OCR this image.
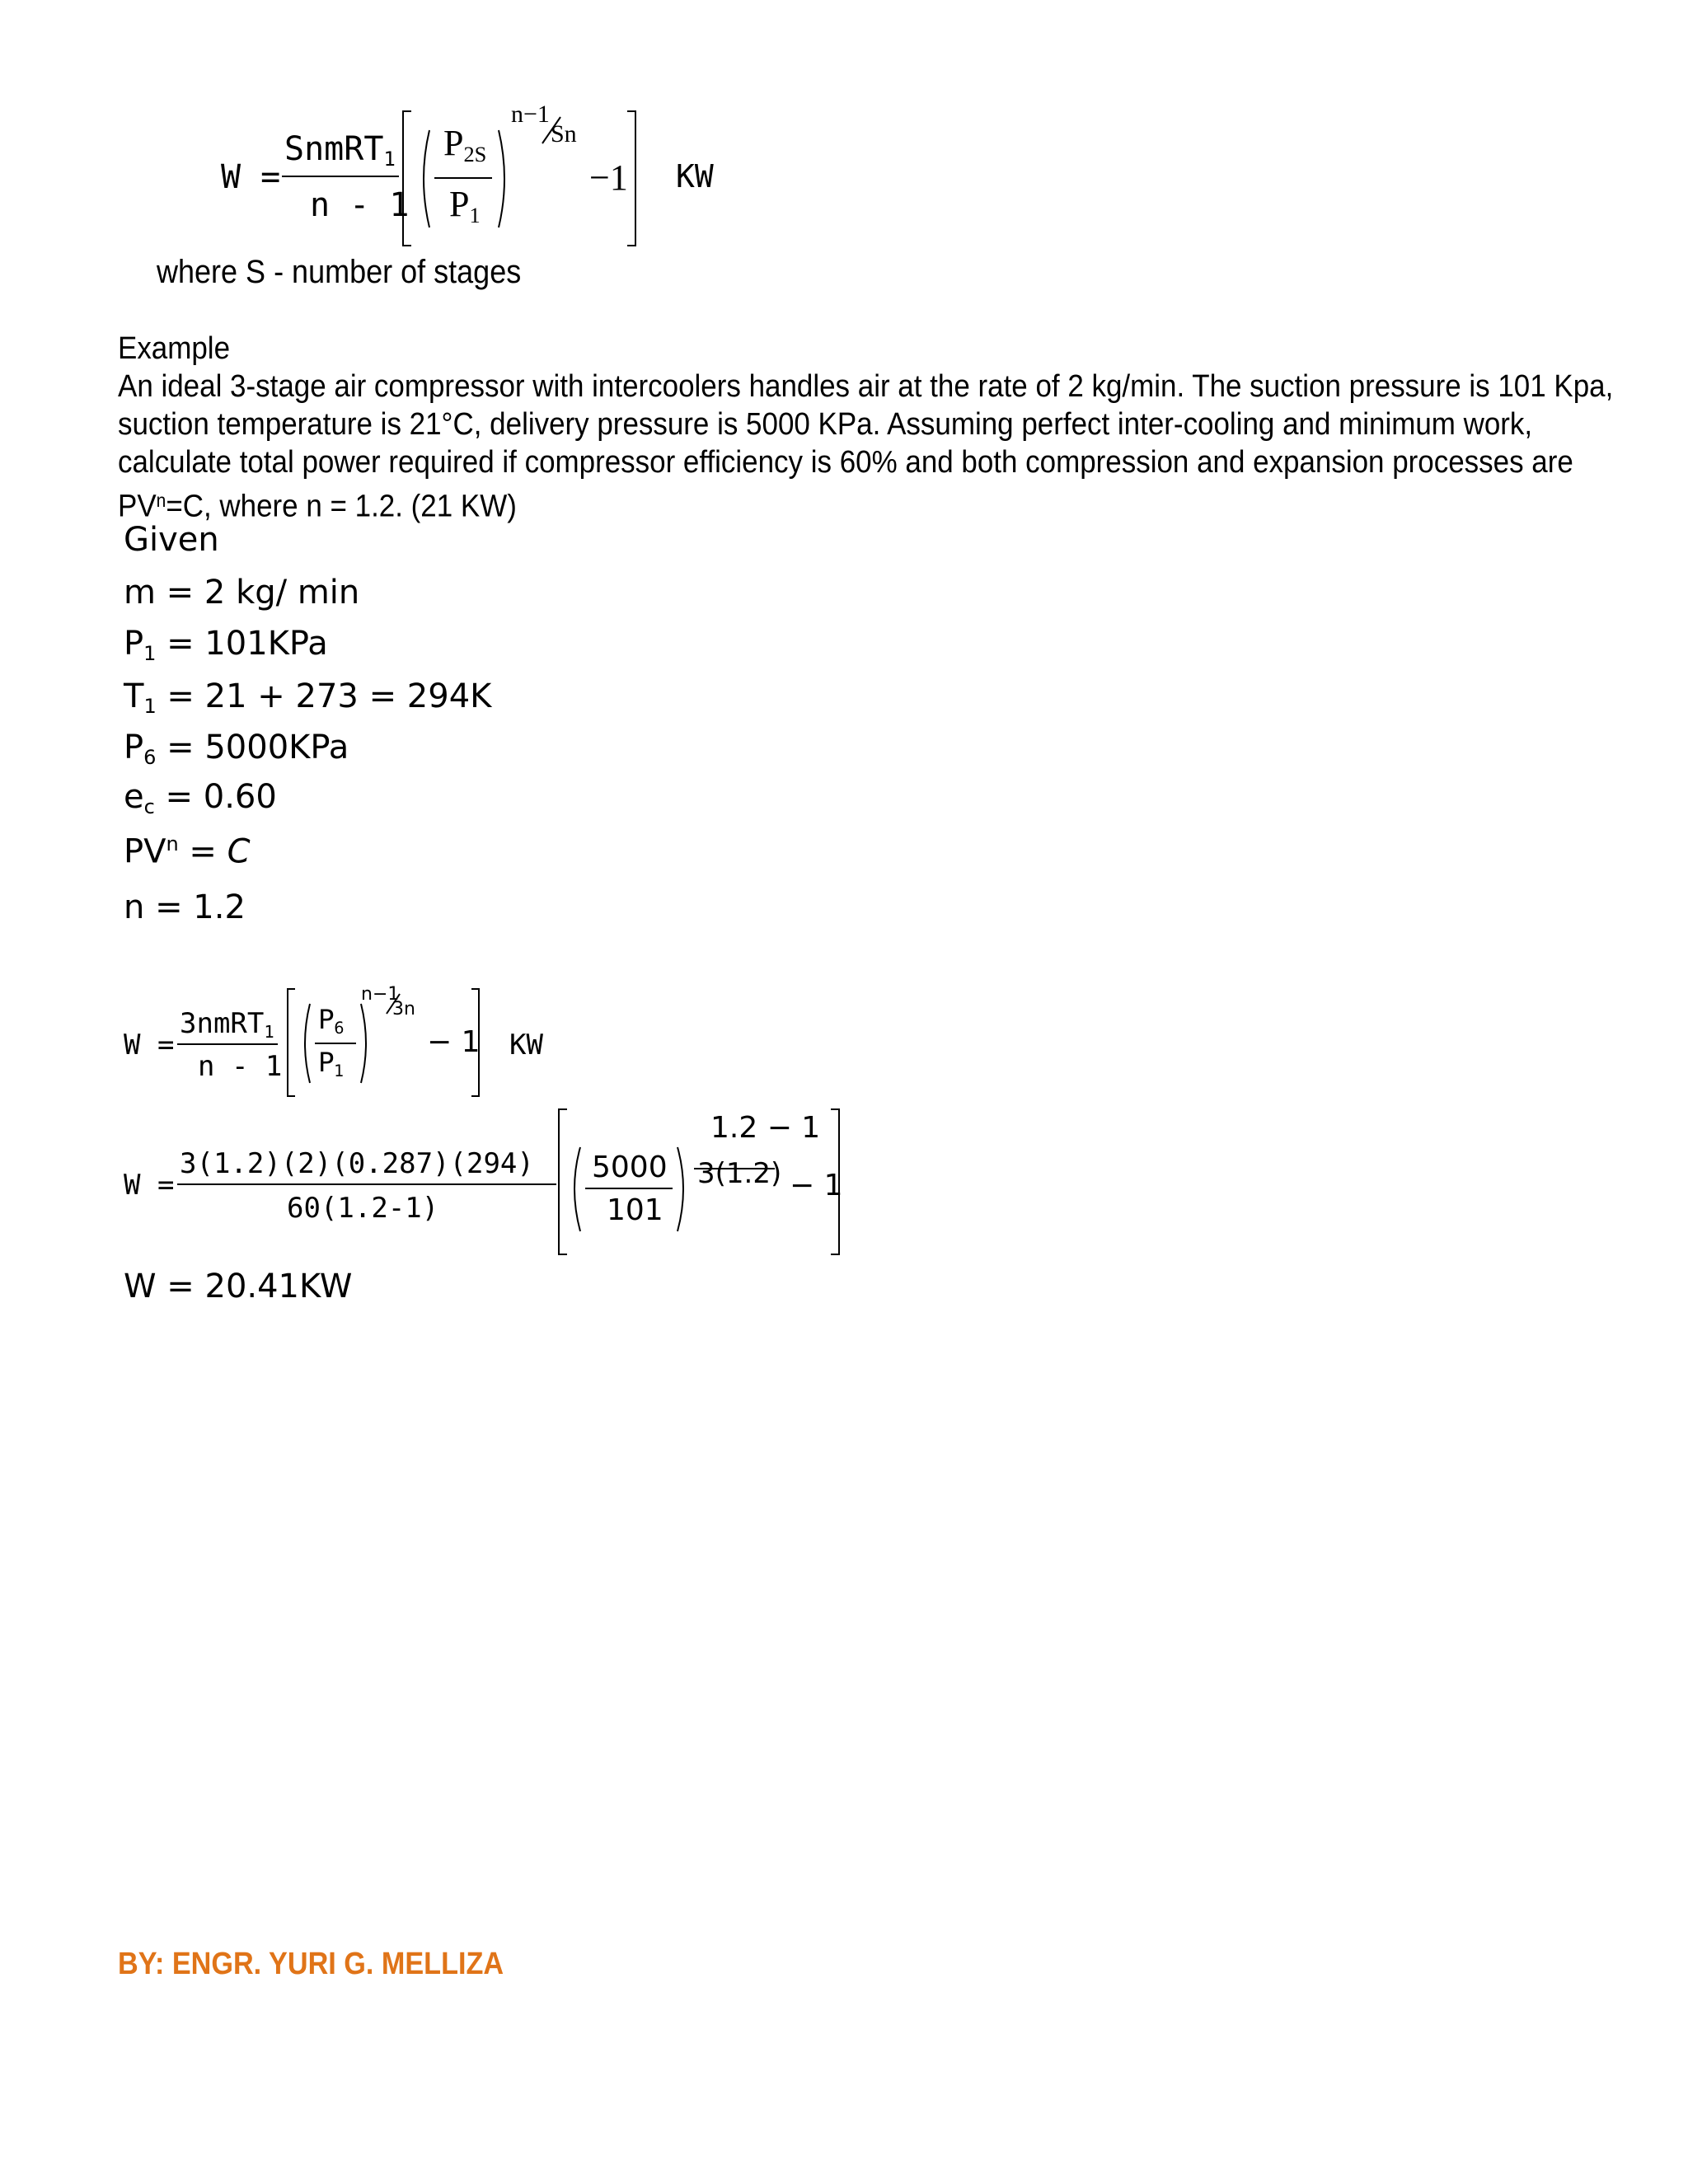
W =
SnmRT$_1$
n - 1
$P_{2S}$
$P_1$
n−1
Sn
−1 KW
where S - number of stages
Example
An ideal 3-stage air compressor with intercoolers handles air at the rate of 2 kg/min. The suction pressure is 101 Kpa,
suction temperature is 21°C, delivery pressure is 5000 KPa. Assuming perfect inter-cooling and minimum work,
calculate total power required if compressor efficiency is 60% and both compression and expansion processes are
$PV^n=C$, where n = 1.2. (21 KW)
Given
m = 2 kg/ min
$P_1 = 101KPa$
$T_1 = 21 + 273 = 294K$
$P_6 = 5000KPa$
$e_c = 0.60$
$PV^n = C$
n = 1.2
W =
3nmRT$_1$
n - 1
$P_6$
$P_1$
n−1
3n
− 1 KW
W =
3(1.2)(2)(0.287)(294)
60(1.2-1)
5000
101
1.2 − 1
3(1.2) − 1
W = 20.41KW
BY: ENGR. YURI G. MELLIZA
